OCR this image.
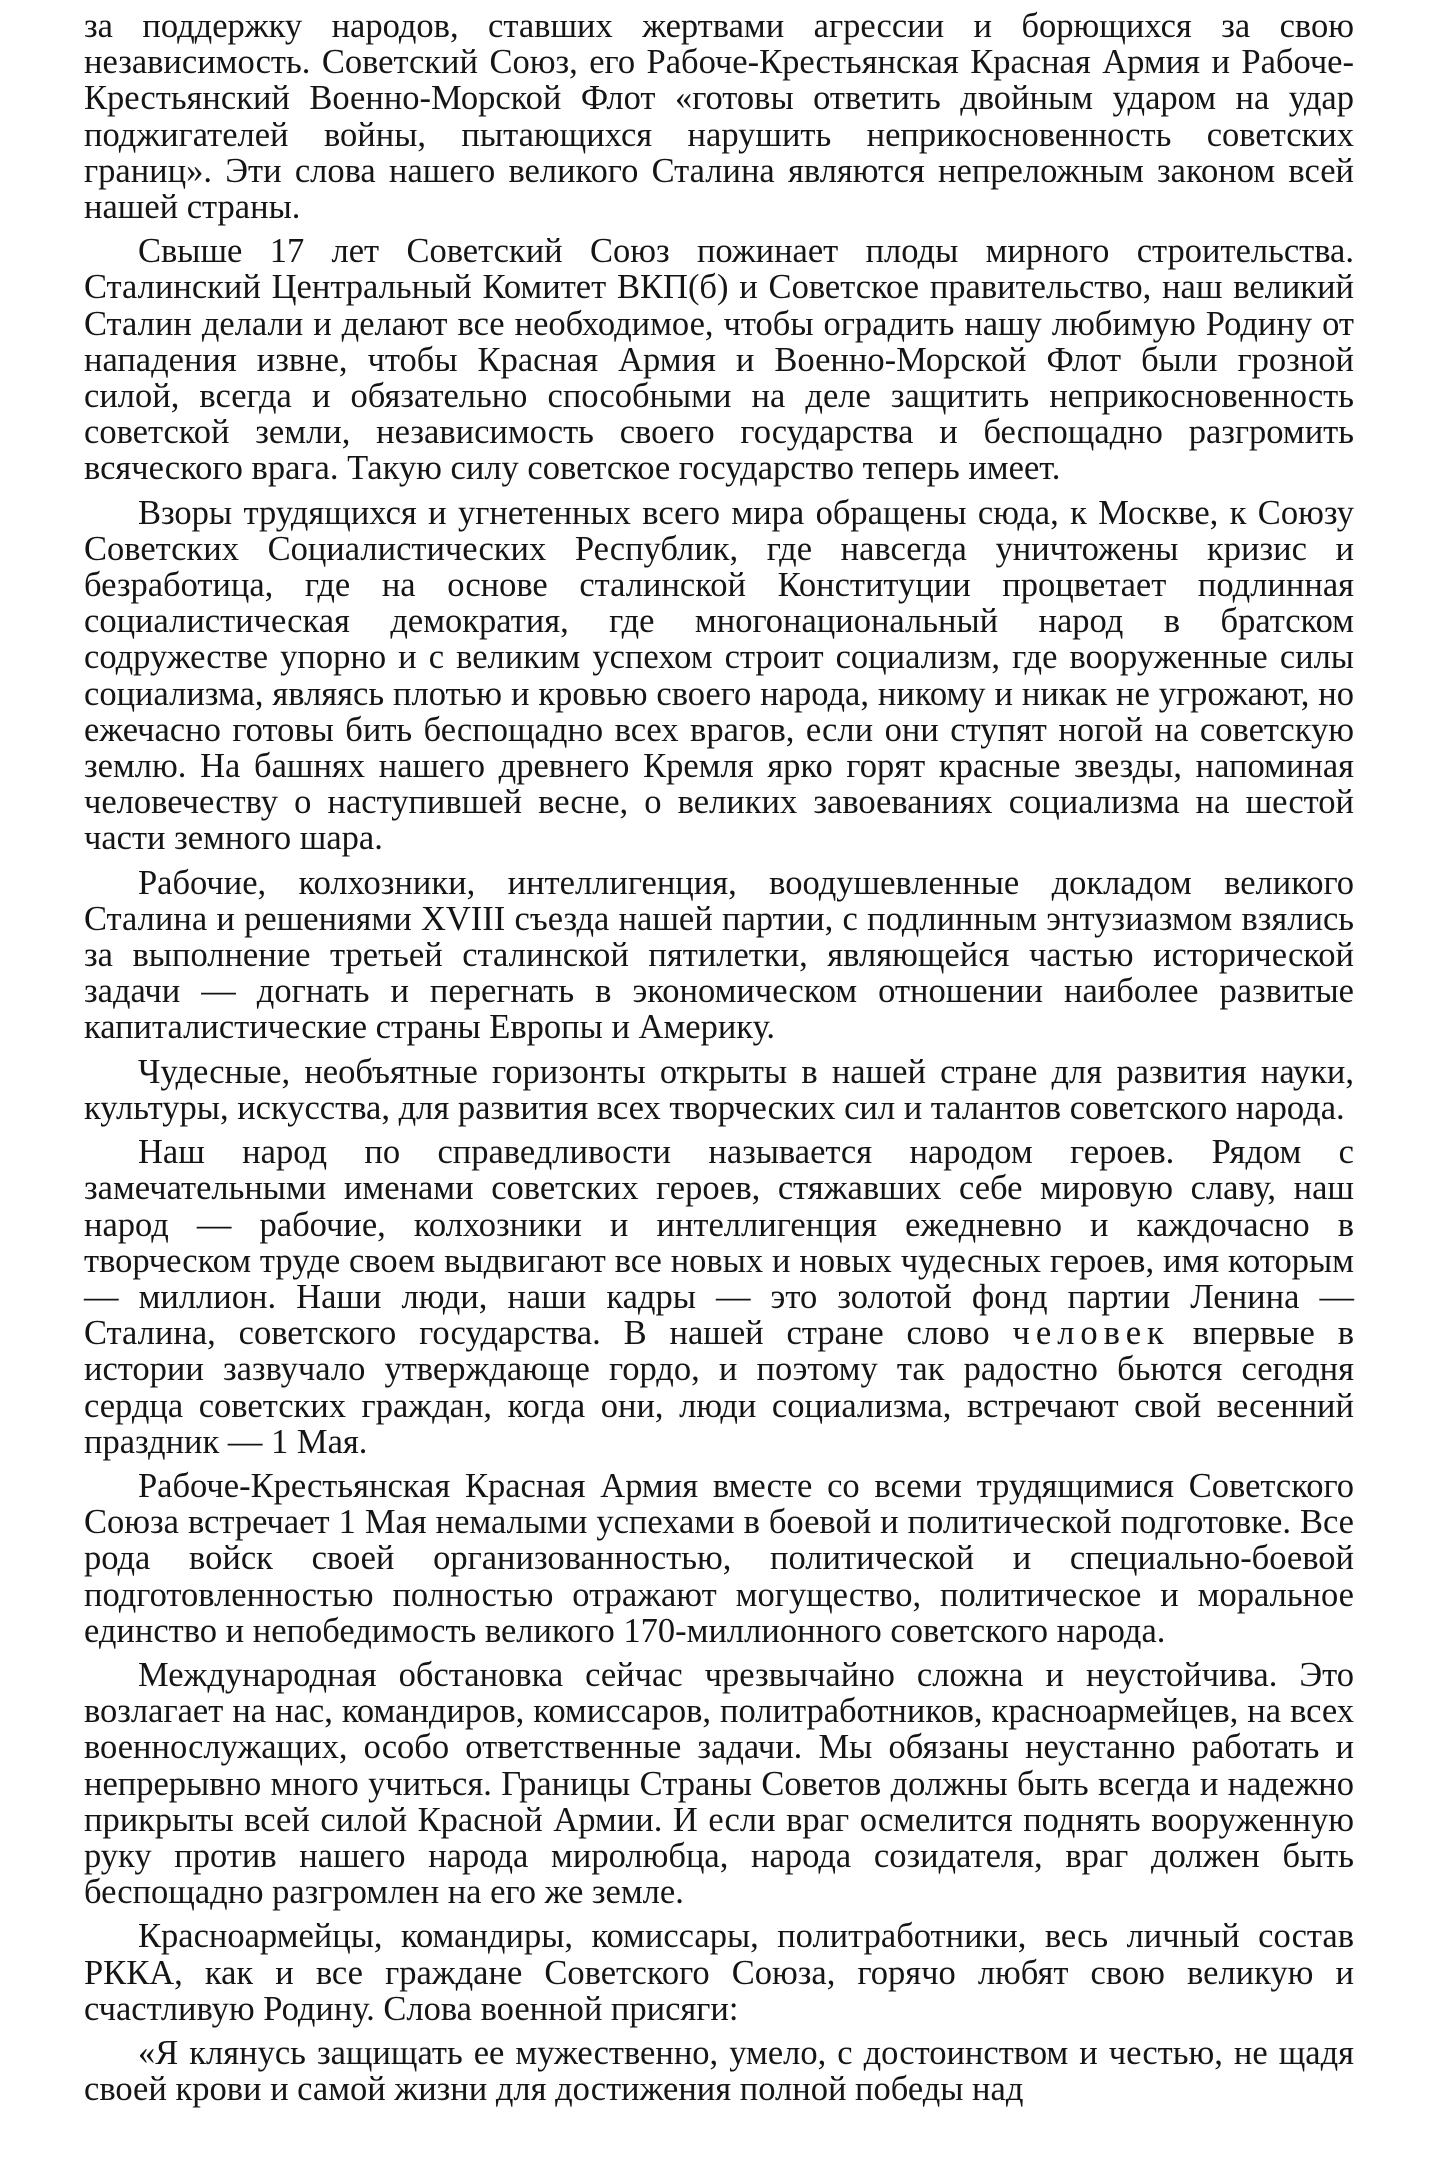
за поддержку народов, ставших жертвами агрессии и борющихся за свою независимость. Советский Союз, его Рабоче-Крестьянская Красная Армия и Рабоче-Крестьянский Военно-Морской Флот «готовы ответить двойным ударом на удар поджигателей войны, пытающихся нарушить неприкосновенность советских границ». Эти слова нашего великого Сталина являются непреложным законом всей нашей страны.

Свыше 17 лет Советский Союз пожинает плоды мирного строительства. Сталинский Центральный Комитет ВКП(б) и Советское правительство, наш великий Сталин делали и делают все необходимое, чтобы оградить нашу любимую Родину от нападения извне, чтобы Красная Армия и Военно-Морской Флот были грозной силой, всегда и обязательно способными на деле защитить неприкосновенность советской земли, независимость своего государства и беспощадно разгромить всяческого врага. Такую силу советское государство теперь имеет.

Взоры трудящихся и угнетенных всего мира обращены сюда, к Москве, к Союзу Советских Социалистических Республик, где навсегда уничтожены кризис и безработица, где на основе сталинской Конституции процветает подлинная социалистическая демократия, где многонациональный народ в братском содружестве упорно и с великим успехом строит социализм, где вооруженные силы социализма, являясь плотью и кровью своего народа, никому и никак не угрожают, но ежечасно готовы бить беспощадно всех врагов, если они ступят ногой на советскую землю. На башнях нашего древнего Кремля ярко горят красные звезды, напоминая человечеству о наступившей весне, о великих завоеваниях социализма на шестой части земного шара.

Рабочие, колхозники, интеллигенция, воодушевленные докладом великого Сталина и решениями XVIII съезда нашей партии, с подлинным энтузиазмом взялись за выполнение третьей сталинской пятилетки, являющейся частью исторической задачи — догнать и перегнать в экономическом отношении наиболее развитые капиталистические страны Европы и Америку.

Чудесные, необъятные горизонты открыты в нашей стране для развития науки, культуры, искусства, для развития всех творческих сил и талантов советского народа.

Наш народ по справедливости называется народом героев. Рядом с замечательными именами советских героев, стяжавших себе мировую славу, наш народ — рабочие, колхозники и интеллигенция ежедневно и каждочасно в творческом труде своем выдвигают все новых и новых чудесных героев, имя которым — миллион. Наши люди, наши кадры — это золотой фонд партии Ленина — Сталина, советского государства. В нашей стране слово человек впервые в истории зазвучало утверждающе гордо, и поэтому так радостно бьются сегодня сердца советских граждан, когда они, люди социализма, встречают свой весенний праздник — 1 Мая.

Рабоче-Крестьянская Красная Армия вместе со всеми трудящимися Советского Союза встречает 1 Мая немалыми успехами в боевой и политической подготовке. Все рода войск своей организованностью, политической и специально-боевой подготовленностью полностью отражают могущество, политическое и моральное единство и непобедимость великого 170-миллионного советского народа.

Международная обстановка сейчас чрезвычайно сложна и неустойчива. Это возлагает на нас, командиров, комиссаров, политработников, красноармейцев, на всех военнослужащих, особо ответственные задачи. Мы обязаны неустанно работать и непрерывно много учиться. Границы Страны Советов должны быть всегда и надежно прикрыты всей силой Красной Армии. И если враг осмелится поднять вооруженную руку против нашего народа миролюбца, народа созидателя, враг должен быть беспощадно разгромлен на его же земле.

Красноармейцы, командиры, комиссары, политработники, весь личный состав РККА, как и все граждане Советского Союза, горячо любят свою великую и счастливую Родину. Слова военной присяги:

«Я клянусь защищать ее мужественно, умело, с достоинством и честью, не щадя своей крови и самой жизни для достижения полной победы над
